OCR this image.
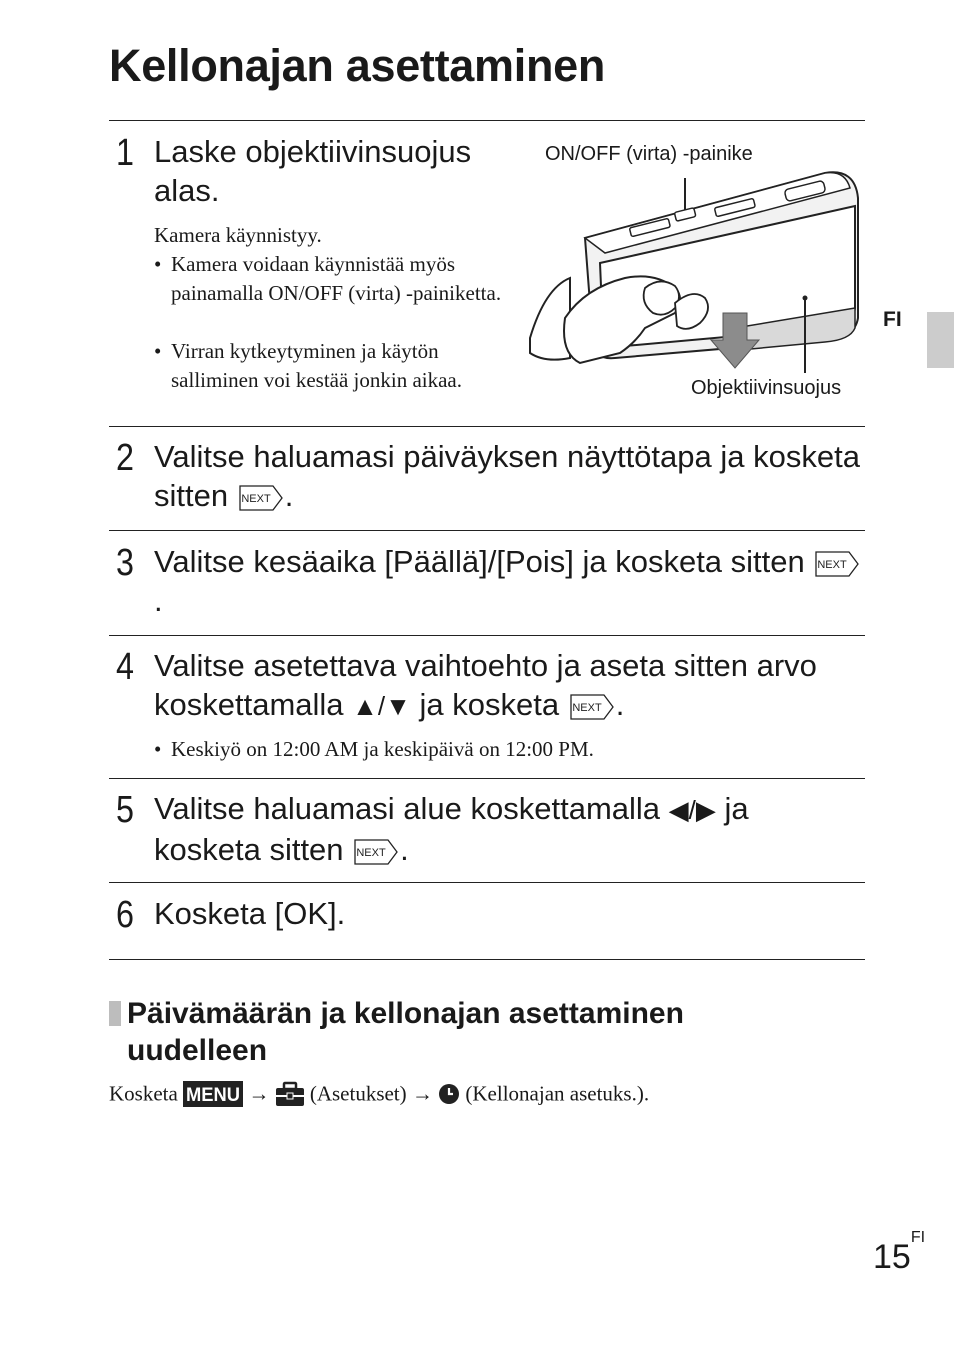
Kellonajan asettaminen
FI
1 Laske objektiivinsuojus alas.
Kamera käynnistyy.
• Kamera voidaan käynnistää myös painamalla ON/OFF (virta) -painiketta.
• Virran kytkeytyminen ja käytön salliminen voi kestää jonkin aikaa.
ON/OFF (virta) -painike
Objektiivinsuojus
2 Valitse haluamasi päiväyksen näyttötapa ja kosketa sitten NEXT .
3 Valitse kesäaika [Päällä]/[Pois] ja kosketa sitten NEXT
.
4 Valitse asetettava vaihtoehto ja aseta sitten arvo koskettamalla ▲/▼ ja kosketa NEXT .
• Keskiyö on 12:00 AM ja keskipäivä on 12:00 PM.
5 Valitse haluamasi alue koskettamalla ◀/▶ ja kosketa sitten NEXT .
6 Kosketa [OK].
Päivämäärän ja kellonajan asettaminen uudelleen
Kosketa MENU → (Asetukset) → (Kellonajan asetuks.).
$15^{FI}$
